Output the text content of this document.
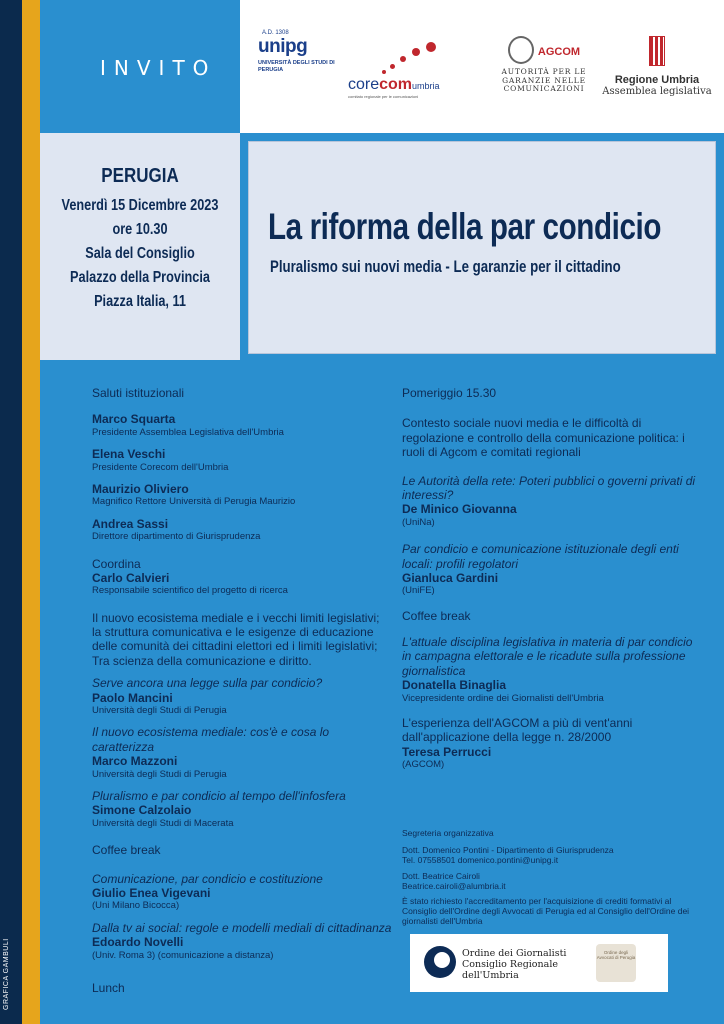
GRAFICA GAMBULI
INVITO
A.D. 1308
unipg
UNIVERSITÀ DEGLI STUDI DI PERUGIA
corecomumbria
comitato regionale per le comunicazioni
AGCOM
AUTORITÀ PER LE GARANZIE NELLE COMUNICAZIONI
Regione Umbria
Assemblea legislativa
PERUGIA
Venerdì 15 Dicembre 2023
ore 10.30
Sala del Consiglio
Palazzo della Provincia
Piazza Italia, 11
La riforma della par condicio
Pluralismo sui nuovi media - Le garanzie per il cittadino
Saluti istituzionali
Marco Squarta
Presidente Assemblea Legislativa dell'Umbria
Elena Veschi
Presidente Corecom dell'Umbria
Maurizio Oliviero
Magnifico Rettore Università di Perugia Maurizio
Andrea Sassi
Direttore dipartimento di Giurisprudenza
Coordina
Carlo Calvieri
Responsabile scientifico del progetto di ricerca
Il nuovo ecosistema mediale e i vecchi limiti legislativi; la struttura comunicativa e le esigenze di educazione delle comunità dei cittadini elettori ed i limiti legislativi; Tra scienza della comunicazione e diritto.
Serve ancora una legge sulla par condicio?
Paolo Mancini
Università degli Studi di Perugia
Il nuovo ecosistema mediale: cos'è e cosa lo caratterizza
Marco Mazzoni
Università degli Studi di Perugia
Pluralismo e par condicio al tempo dell'infosfera
Simone Calzolaio
Università degli Studi di Macerata
Coffee break
Comunicazione, par condicio e costituzione
Giulio Enea Vigevani
(Uni Milano Bicocca)
Dalla tv ai social: regole e modelli mediali di cittadinanza
Edoardo Novelli
(Univ. Roma 3) (comunicazione a distanza)
Lunch
Pomeriggio 15.30
Contesto sociale nuovi media e le difficoltà di regolazione e controllo della comunicazione politica: i ruoli di Agcom e comitati regionali
Le Autorità della rete: Poteri pubblici o governi privati di interessi?
De Minico Giovanna
(UniNa)
Par condicio e comunicazione istituzionale degli enti locali: profili regolatori
Gianluca Gardini
(UniFE)
Coffee break
L'attuale disciplina legislativa in materia di par condicio in campagna elettorale e le ricadute sulla professione giornalistica
Donatella Binaglia
Vicepresidente ordine dei Giornalisti dell'Umbria
L'esperienza dell'AGCOM a più di vent'anni dall'applicazione della legge n. 28/2000
Teresa Perrucci
(AGCOM)
Segreteria organizzativa

Dott. Domenico Pontini - Dipartimento di Giurisprudenza
Tel. 07558501 domenico.pontini@unipg.it

Dott. Beatrice Cairoli
Beatrice.cairoli@alumbria.it

È stato richiesto l'accreditamento per l'acquisizione di crediti formativi al Consiglio dell'Ordine degli Avvocati di Perugia ed al Consiglio dell'Ordine dei giornalisti dell'Umbria

Ordine dei Giornalisti
Consiglio Regionale
dell'Umbria
Ordine degli Avvocati di Perugia
